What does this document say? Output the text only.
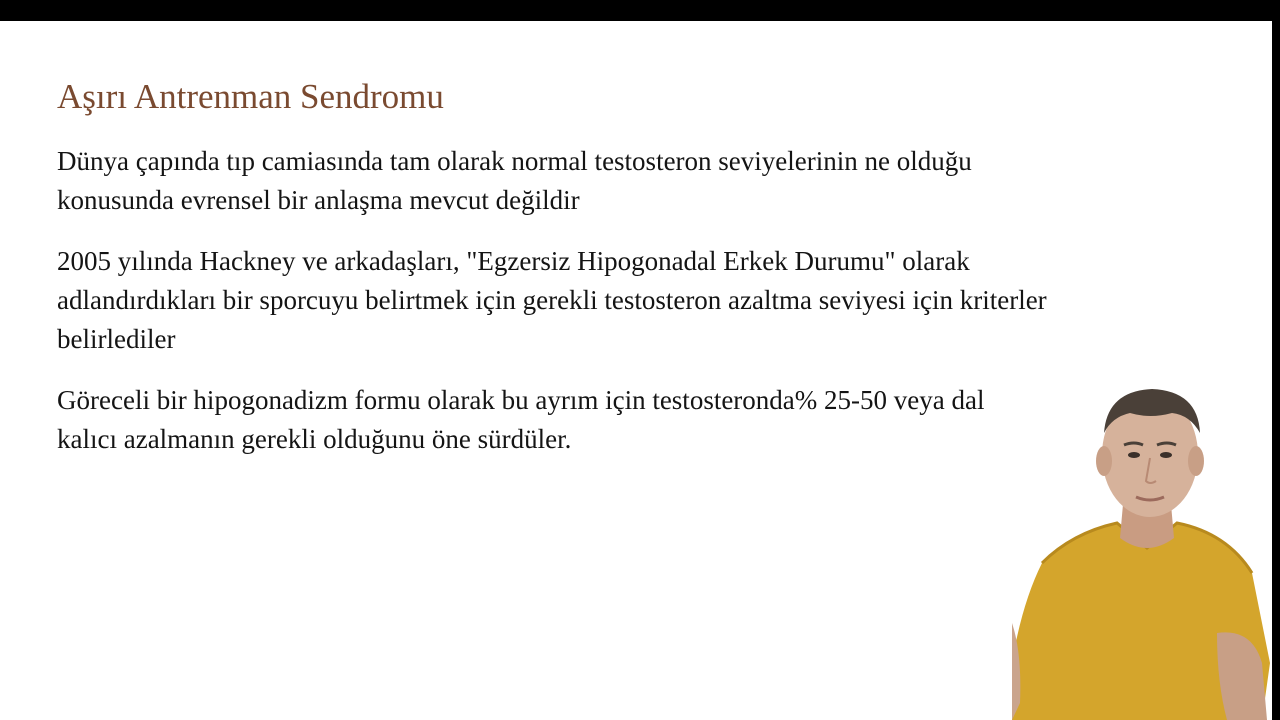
Aşırı Antrenman Sendromu
Dünya çapında tıp camiasında tam olarak normal testosteron seviyelerinin ne olduğu
konusunda evrensel bir anlaşma mevcut değildir
2005 yılında Hackney ve arkadaşları, "Egzersiz Hipogonadal Erkek Durumu" olarak
adlandırdıkları bir sporcuyu belirtmek için gerekli testosteron azaltma seviyesi için kriterler
belirlediler
Göreceli bir hipogonadizm formu olarak bu ayrım için testosteronda% 25-50 veya dal
kalıcı azalmanın gerekli olduğunu öne sürdüler.
